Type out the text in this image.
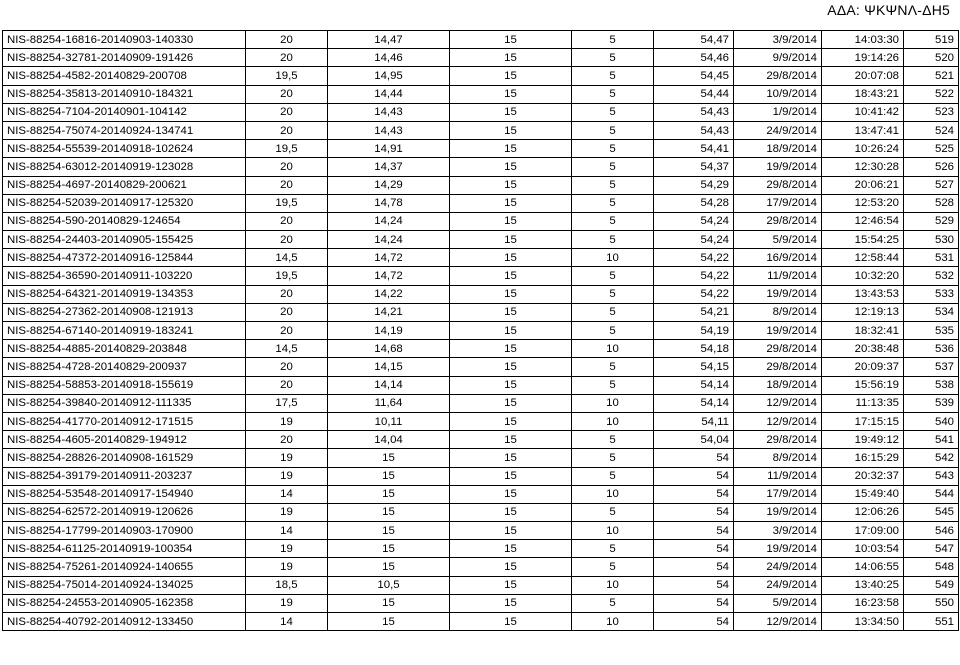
ΑΔΑ: ΨΚΨΝΛ-ΔΗ5
NIS-88254-16816-20140903-140330	20	14,47	15	5	54,47	3/9/2014	14:03:30	519
NIS-88254-32781-20140909-191426	20	14,46	15	5	54,46	9/9/2014	19:14:26	520
NIS-88254-4582-20140829-200708	19,5	14,95	15	5	54,45	29/8/2014	20:07:08	521
NIS-88254-35813-20140910-184321	20	14,44	15	5	54,44	10/9/2014	18:43:21	522
NIS-88254-7104-20140901-104142	20	14,43	15	5	54,43	1/9/2014	10:41:42	523
NIS-88254-75074-20140924-134741	20	14,43	15	5	54,43	24/9/2014	13:47:41	524
NIS-88254-55539-20140918-102624	19,5	14,91	15	5	54,41	18/9/2014	10:26:24	525
NIS-88254-63012-20140919-123028	20	14,37	15	5	54,37	19/9/2014	12:30:28	526
NIS-88254-4697-20140829-200621	20	14,29	15	5	54,29	29/8/2014	20:06:21	527
NIS-88254-52039-20140917-125320	19,5	14,78	15	5	54,28	17/9/2014	12:53:20	528
NIS-88254-590-20140829-124654	20	14,24	15	5	54,24	29/8/2014	12:46:54	529
NIS-88254-24403-20140905-155425	20	14,24	15	5	54,24	5/9/2014	15:54:25	530
NIS-88254-47372-20140916-125844	14,5	14,72	15	10	54,22	16/9/2014	12:58:44	531
NIS-88254-36590-20140911-103220	19,5	14,72	15	5	54,22	11/9/2014	10:32:20	532
NIS-88254-64321-20140919-134353	20	14,22	15	5	54,22	19/9/2014	13:43:53	533
NIS-88254-27362-20140908-121913	20	14,21	15	5	54,21	8/9/2014	12:19:13	534
NIS-88254-67140-20140919-183241	20	14,19	15	5	54,19	19/9/2014	18:32:41	535
NIS-88254-4885-20140829-203848	14,5	14,68	15	10	54,18	29/8/2014	20:38:48	536
NIS-88254-4728-20140829-200937	20	14,15	15	5	54,15	29/8/2014	20:09:37	537
NIS-88254-58853-20140918-155619	20	14,14	15	5	54,14	18/9/2014	15:56:19	538
NIS-88254-39840-20140912-111335	17,5	11,64	15	10	54,14	12/9/2014	11:13:35	539
NIS-88254-41770-20140912-171515	19	10,11	15	10	54,11	12/9/2014	17:15:15	540
NIS-88254-4605-20140829-194912	20	14,04	15	5	54,04	29/8/2014	19:49:12	541
NIS-88254-28826-20140908-161529	19	15	15	5	54	8/9/2014	16:15:29	542
NIS-88254-39179-20140911-203237	19	15	15	5	54	11/9/2014	20:32:37	543
NIS-88254-53548-20140917-154940	14	15	15	10	54	17/9/2014	15:49:40	544
NIS-88254-62572-20140919-120626	19	15	15	5	54	19/9/2014	12:06:26	545
NIS-88254-17799-20140903-170900	14	15	15	10	54	3/9/2014	17:09:00	546
NIS-88254-61125-20140919-100354	19	15	15	5	54	19/9/2014	10:03:54	547
NIS-88254-75261-20140924-140655	19	15	15	5	54	24/9/2014	14:06:55	548
NIS-88254-75014-20140924-134025	18,5	10,5	15	10	54	24/9/2014	13:40:25	549
NIS-88254-24553-20140905-162358	19	15	15	5	54	5/9/2014	16:23:58	550
NIS-88254-40792-20140912-133450	14	15	15	10	54	12/9/2014	13:34:50	551
